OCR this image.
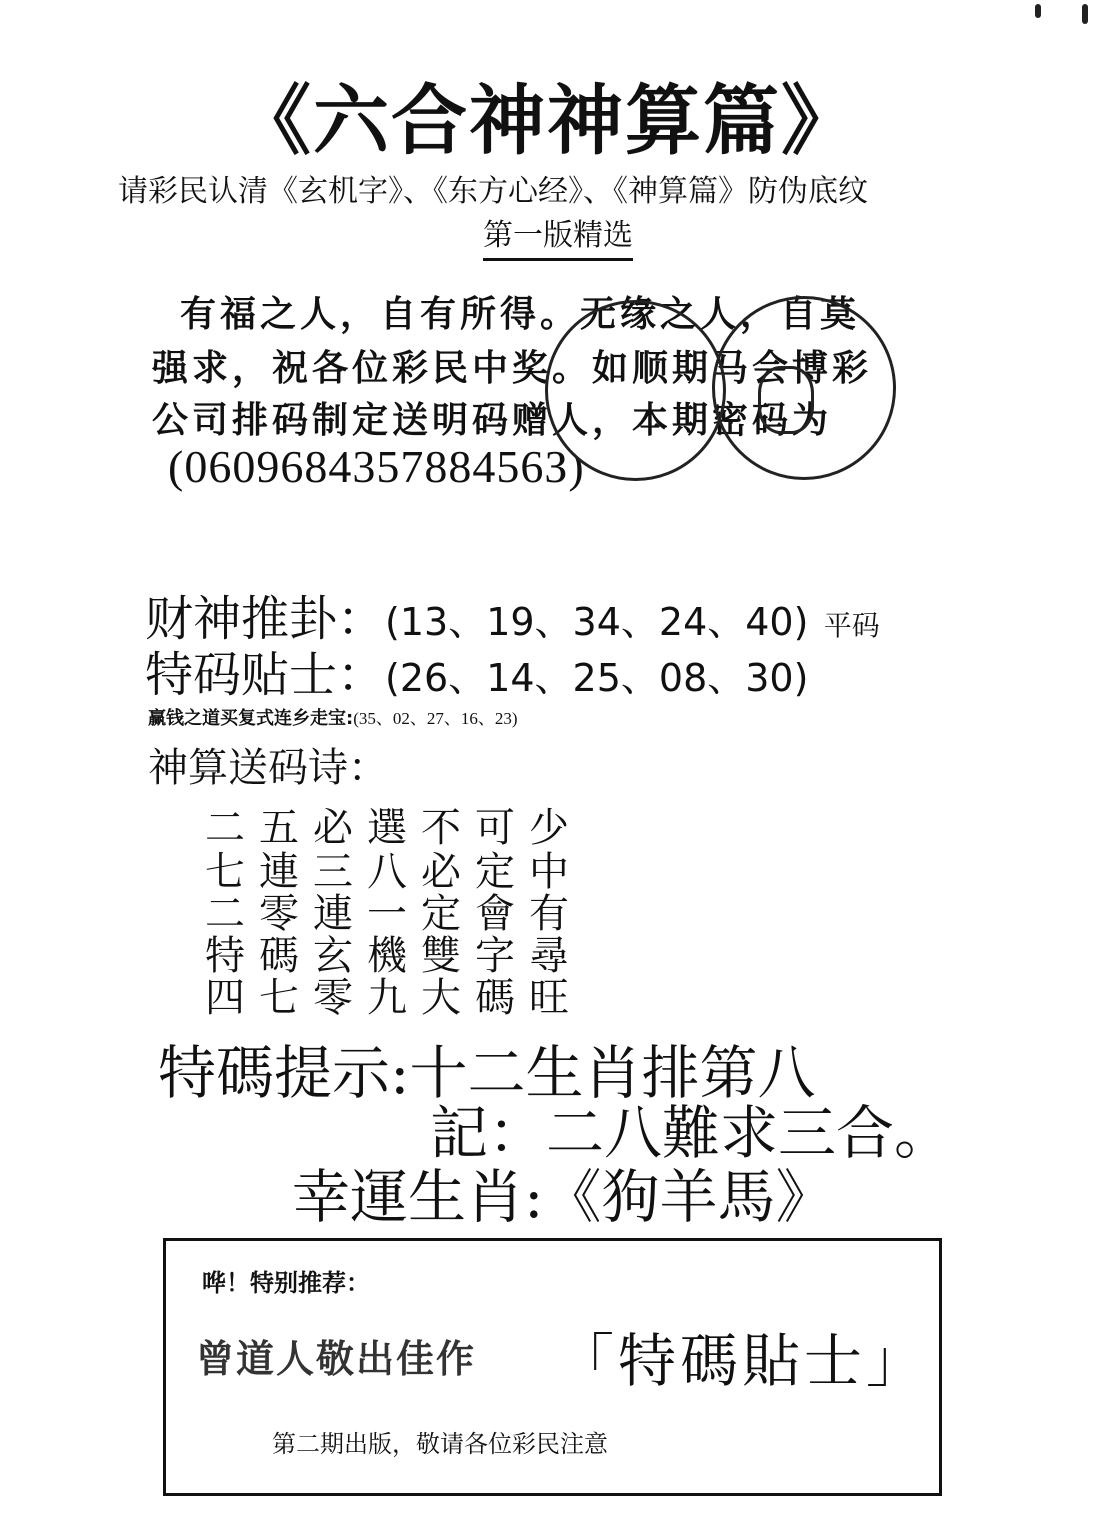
《六合神神算篇》
请彩民认清《玄机字》、《东方心经》、《神算篇》防伪底纹
第一版精选
有福之人，自有所得。无缘之人，自莫
强求，祝各位彩民中奖。如顺期马会博彩
公司排码制定送明码赠人，本期密码为
(060968435788456З)
财神推卦：(13、19、34、24、40) 平码
特码贴士：(26、14、25、08、30)
赢钱之道买复式连乡走宝:(35、02、27、16、23)
神算送码诗：
二五必選不可少
七連三八必定中
二零連一定會有
特碼玄機雙字尋
四七零九大碼旺
特碼提示:十二生肖排第八
記：二八難求三合。
幸運生肖:《狗羊馬》
哗！特别推荐：
曾道人敬出佳作 「特碼貼士」
第二期出版，敬请各位彩民注意
